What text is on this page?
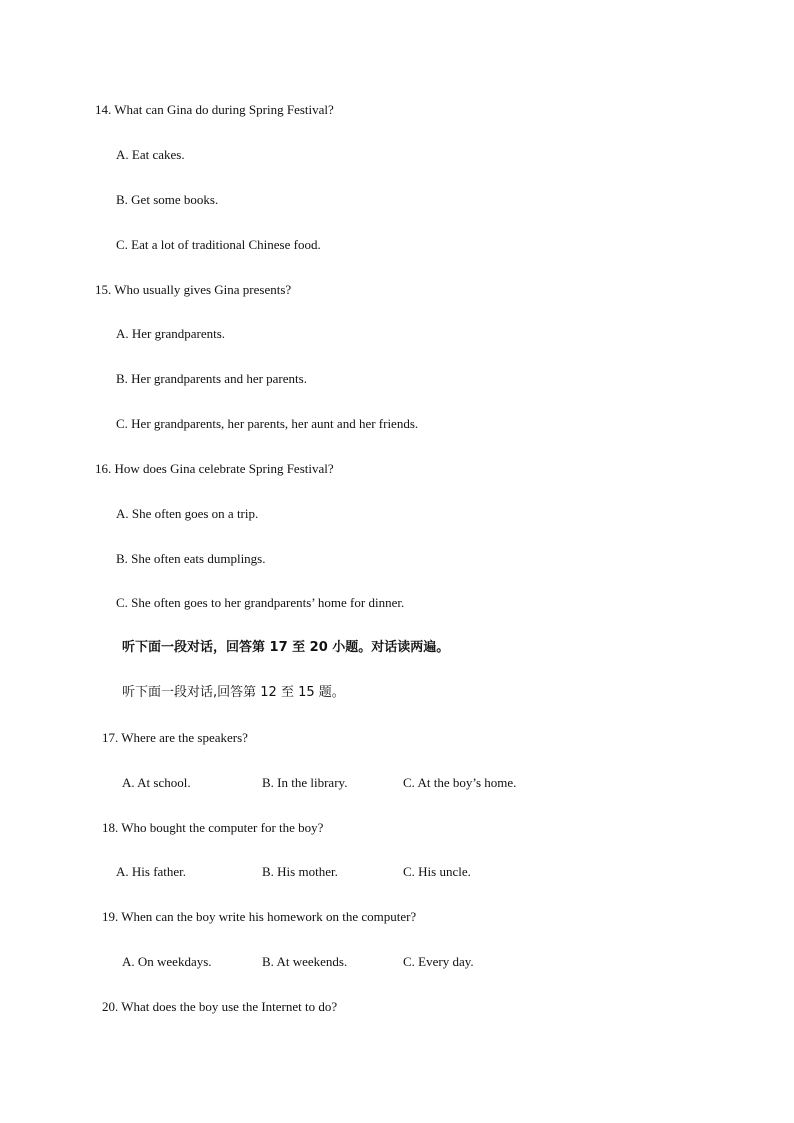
14. What can Gina do during Spring Festival?
A. Eat cakes.
B. Get some books.
C. Eat a lot of traditional Chinese food.
15. Who usually gives Gina presents?
A. Her grandparents.
B. Her grandparents and her parents.
C. Her grandparents, her parents, her aunt and her friends.
16. How does Gina celebrate Spring Festival?
A. She often goes on a trip.
B. She often eats dumplings.
C. She often goes to her grandparents’ home for dinner.
听下面一段对话，回答第 17 至 20 小题。对话读两遍。
听下面一段对话,回答第 12 至 15 题。
17. Where are the speakers?
A. At school.	B. In the library.	C. At the boy’s home.
18. Who bought the computer for the boy?
A. His father.	B. His mother.	C. His uncle.
19. When can the boy write his homework on the computer?
A. On weekdays.	B. At weekends.	C. Every day.
20. What does the boy use the Internet to do?
